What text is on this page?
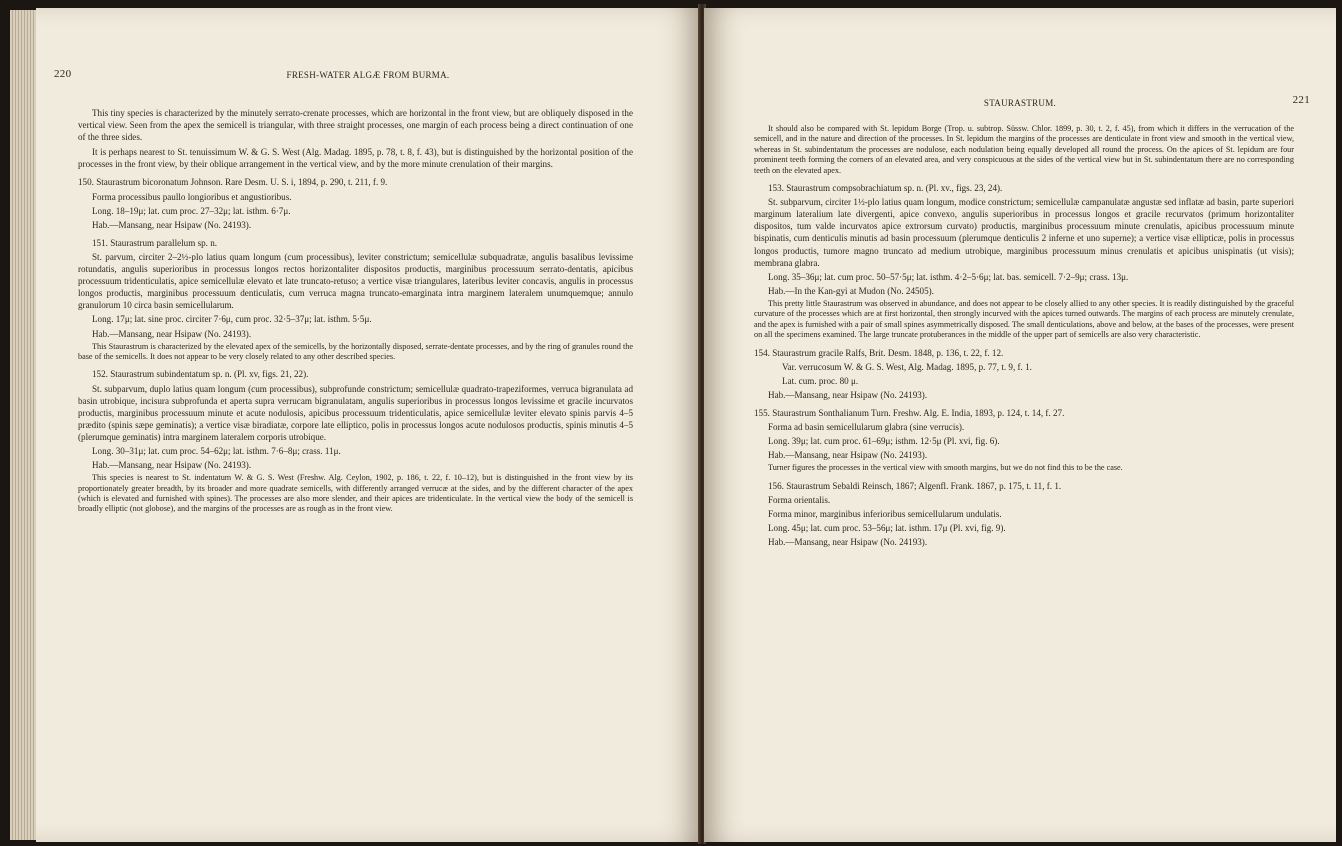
220	FRESH-WATER ALGÆ FROM BURMA.

This tiny species is characterized by the minutely serrato-crenate processes, which are horizontal in the front view, but are obliquely disposed in the vertical view. Seen from the apex the semicell is triangular, with three straight processes, one margin of each process being a direct continuation of one of the three sides.

It is perhaps nearest to St. tenuissimum W. & G. S. West (Alg. Madag. 1895, p. 78, t. 8, f. 43), but is distinguished by the horizontal position of the processes in the front view, by their oblique arrangement in the vertical view, and by the more minute crenulation of their margins.

150. Staurastrum bicoronatum Johnson. Rare Desm. U. S. i, 1894, p. 290, t. 211, f. 9.

Forma processibus paullo longioribus et angustioribus.

Long. 18–19μ; lat. cum proc. 27–32μ; lat. isthm. 6·7μ.

Hab.—Mansang, near Hsipaw (No. 24193).

151. Staurastrum parallelum sp. n.

St. parvum, circiter 2–2½-plo latius quam longum (cum processibus), leviter constrictum; semicellulæ subquadratæ, angulis basalibus levissime rotundatis, angulis superioribus in processus longos rectos horizontaliter dispositos productis, marginibus processuum serrato-dentatis, apicibus processuum tridenticulatis, apice semicellulæ elevato et late truncato-retuso; a vertice visæ triangulares, lateribus leviter concavis, angulis in processus longos productis, marginibus processuum denticulatis, cum verruca magna truncato-emarginata intra marginem lateralem unumquemque; annulo granulorum 10 circa basin semicellularum.

Long. 17μ; lat. sine proc. circiter 7·6μ, cum proc. 32·5–37μ; lat. isthm. 5·5μ.

Hab.—Mansang, near Hsipaw (No. 24193).

This Staurastrum is characterized by the elevated apex of the semicells, by the horizontally disposed, serrate-dentate processes, and by the ring of granules round the base of the semicells. It does not appear to be very closely related to any other described species.

152. Staurastrum subindentatum sp. n. (Pl. xv, figs. 21, 22).

St. subparvum, duplo latius quam longum (cum processibus), subprofunde constrictum; semicellulæ quadrato-trapeziformes, verruca bigranulata ad basin utrobique, incisura subprofunda et aperta supra verrucam bigranulatam, angulis superioribus in processus longos levissime et gracile incurvatos productis, marginibus processuum minute et acute nodulosis, apicibus processuum tridenticulatis, apice semicellulæ leviter elevato spinis parvis 4–5 prædito (spinis sæpe geminatis); a vertice visæ biradiatæ, corpore late elliptico, polis in processus longos acute nodulosos productis, spinis minutis 4–5 (plerumque geminatis) intra marginem lateralem corporis utrobique.

Long. 30–31μ; lat. cum proc. 54–62μ; lat. isthm. 7·6–8μ; crass. 11μ.

Hab.—Mansang, near Hsipaw (No. 24193).

This species is nearest to St. indentatum W. & G. S. West (Freshw. Alg. Ceylon, 1902, p. 186, t. 22, f. 10–12), but is distinguished in the front view by its proportionately greater breadth, by its broader and more quadrate semicells, with differently arranged verrucæ at the sides, and by the different character of the apex (which is elevated and furnished with spines). The processes are also more slender, and their apices are tridenticulate. In the vertical view the body of the semicell is broadly elliptic (not globose), and the margins of the processes are as rough as in the front view.

STAURASTRUM.	221

It should also be compared with St. lepidum Borge (Trop. u. subtrop. Süssw. Chlor. 1899, p. 30, t. 2, f. 45), from which it differs in the verrucation of the semicell, and in the nature and direction of the processes. In St. lepidum the margins of the processes are denticulate in front view and smooth in the vertical view, whereas in St. subindentatum the processes are nodulose, each nodulation being equally developed all round the process. On the apices of St. lepidum are four prominent teeth forming the corners of an elevated area, and very conspicuous at the sides of the vertical view but in St. subindentatum there are no corresponding teeth on the elevated apex.

153. Staurastrum compsobrachiatum sp. n. (Pl. xv., figs. 23, 24).

St. subparvum, circiter 1½-plo latius quam longum, modice constrictum; semicellulæ campanulatæ angustæ sed inflatæ ad basin, parte superiori marginum lateralium late divergenti, apice convexo, angulis superioribus in processus longos et gracile recurvatos (primum horizontaliter dispositos, tum valde incurvatos apice extrorsum curvato) productis, marginibus processuum minute crenulatis, apicibus processuum minute bispinatis, cum denticulis minutis ad basin processuum (plerumque denticulis 2 inferne et uno superne); a vertice visæ ellipticæ, polis in processus longos productis, tumore magno truncato ad medium utrobique, marginibus processuum minus crenulatis et apicibus unispinatis (ut visis); membrana glabra.

Long. 35–36μ; lat. cum proc. 50–57·5μ; lat. isthm. 4·2–5·6μ; lat. bas. semicell. 7·2–9μ; crass. 13μ.

Hab.—In the Kan-gyi at Mudon (No. 24505).

This pretty little Staurastrum was observed in abundance, and does not appear to be closely allied to any other species. It is readily distinguished by the graceful curvature of the processes which are at first horizontal, then strongly incurved with the apices turned outwards. The margins of each process are minutely crenulate, and the apex is furnished with a pair of small spines asymmetrically disposed. The small denticulations, above and below, at the bases of the processes, were present on all the specimens examined. The large truncate protuberances in the middle of the upper part of semicells are also very characteristic.

154. Staurastrum gracile Ralfs, Brit. Desm. 1848, p. 136, t. 22, f. 12.

Var. verrucosum W. & G. S. West, Alg. Madag. 1895, p. 77, t. 9, f. 1.

Lat. cum. proc. 80 μ.

Hab.—Mansang, near Hsipaw (No. 24193).

155. Staurastrum Sonthalianum Turn. Freshw. Alg. E. India, 1893, p. 124, t. 14, f. 27.

Forma ad basin semicellularum glabra (sine verrucis).

Long. 39μ; lat. cum proc. 61–69μ; isthm. 12·5μ (Pl. xvi, fig. 6).

Hab.—Mansang, near Hsipaw (No. 24193).

Turner figures the processes in the vertical view with smooth margins, but we do not find this to be the case.

156. Staurastrum Sebaldi Reinsch, 1867; Algenfl. Frank. 1867, p. 175, t. 11, f. 1.

Forma orientalis.

Forma minor, marginibus inferioribus semicellularum undulatis.

Long. 45μ; lat. cum proc. 53–56μ; lat. isthm. 17μ (Pl. xvi, fig. 9).

Hab.—Mansang, near Hsipaw (No. 24193).
